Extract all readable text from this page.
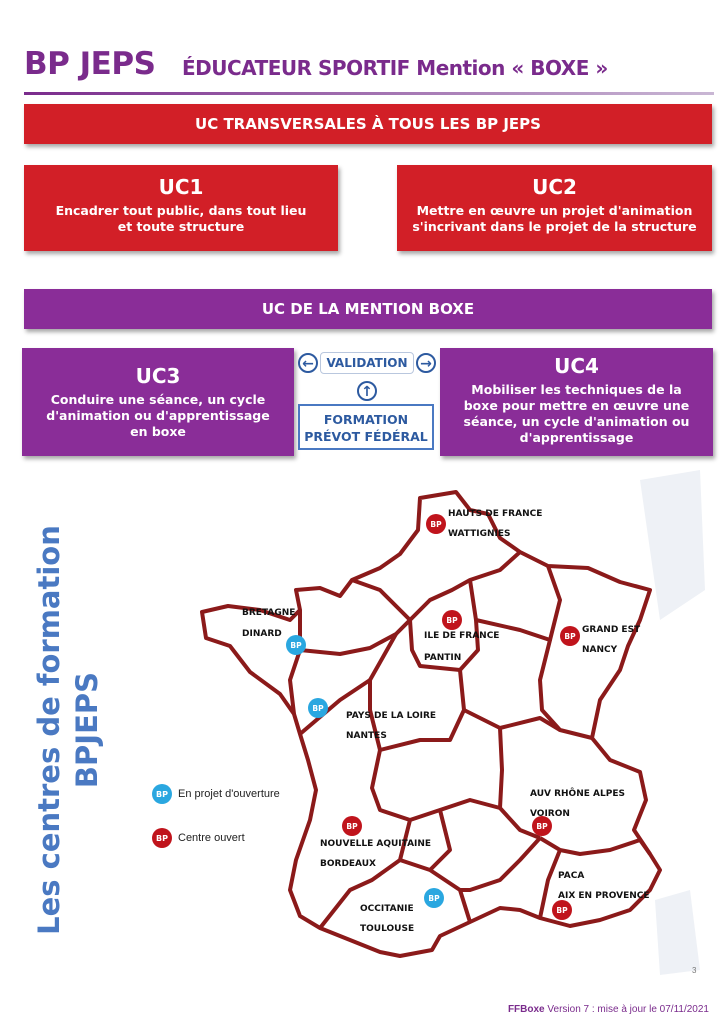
BP JEPS ÉDUCATEUR SPORTIF Mention « BOXE »
UC TRANSVERSALES À TOUS LES BP JEPS
UC1
Encadrer tout public, dans tout lieu
et toute structure
UC2
Mettre en œuvre un projet d'animation
s'incrivant dans le projet de la structure
UC DE LA MENTION BOXE
UC3
Conduire une séance, un cycle
d'animation ou d'apprentissage
en boxe
UC4
Mobiliser les techniques de la
boxe pour mettre en œuvre une
séance, un cycle d'animation ou
d'apprentissage
←	VALIDATION →
↑
FORMATION
PRÉVOT FÉDÉRAL
Les centres de formation BPJEPS
BP
HAUTS DE FRANCE
WATTIGNIES
BP
BRETAGNE
DINARD
BP
ILE DE FRANCE
PANTIN
BP
GRAND EST
NANCY
BP
PAYS DE LA LOIRE
NANTES
BP
AUV RHÔNE ALPES
VOIRON
BP
NOUVELLE AQUITAINE
BORDEAUX
BP
PACA
AIX EN PROVENCE
BP
OCCITANIE
TOULOUSE
BP En projet d'ouverture
BP Centre ouvert
3
FFBoxe Version 7 : mise à jour le 07/11/2021
